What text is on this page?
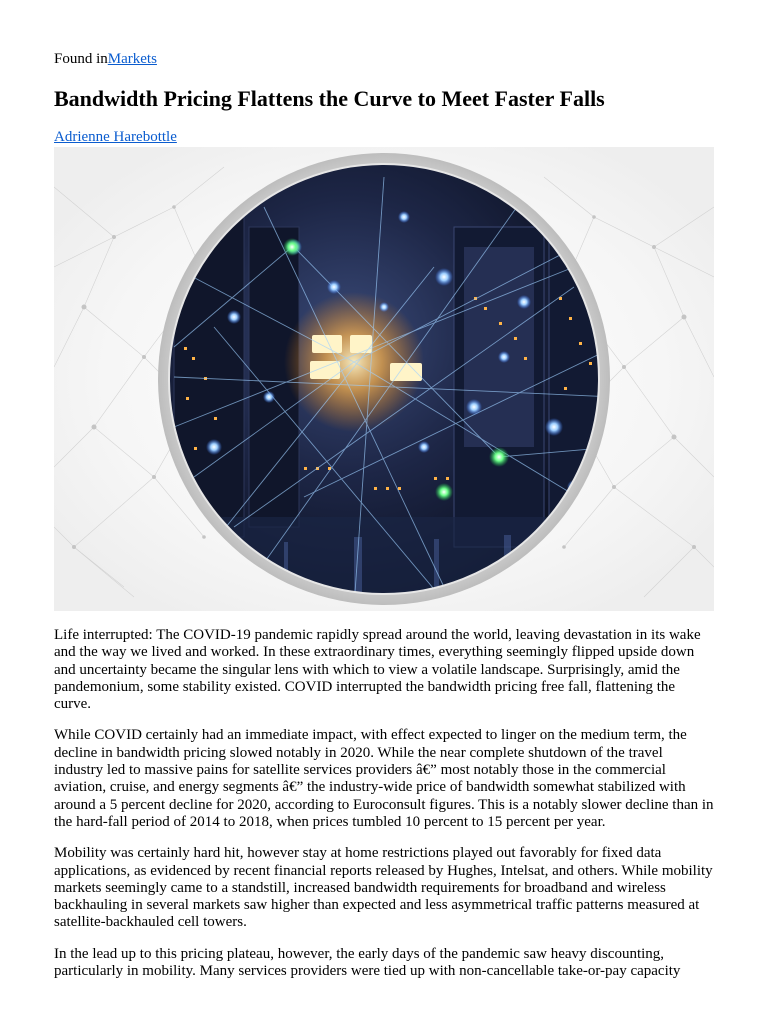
Found inMarkets
Bandwidth Pricing Flattens the Curve to Meet Faster Falls
Adrienne Harebottle

Life interrupted: The COVID-19 pandemic rapidly spread around the world, leaving devastation in its wake and the way we lived and worked. In these extraordinary times, everything seemingly flipped upside down and uncertainty became the singular lens with which to view a volatile landscape. Surprisingly, amid the pandemonium, some stability existed. COVID interrupted the bandwidth pricing free fall, flattening the curve.

While COVID certainly had an immediate impact, with effect expected to linger on the medium term, the decline in bandwidth pricing slowed notably in 2020. While the near complete shutdown of the travel industry led to massive pains for satellite services providers â€” most notably those in the commercial aviation, cruise, and energy segments â€” the industry-wide price of bandwidth somewhat stabilized with around a 5 percent decline for 2020, according to Euroconsult figures. This is a notably slower decline than in the hard-fall period of 2014 to 2018, when prices tumbled 10 percent to 15 percent per year.

Mobility was certainly hard hit, however stay at home restrictions played out favorably for fixed data applications, as evidenced by recent financial reports released by Hughes, Intelsat, and others. While mobility markets seemingly came to a standstill, increased bandwidth requirements for broadband and wireless backhauling in several markets saw higher than expected and less asymmetrical traffic patterns measured at satellite-backhauled cell towers.

In the lead up to this pricing plateau, however, the early days of the pandemic saw heavy discounting, particularly in mobility. Many services providers were tied up with non-cancellable take-or-pay capacity
